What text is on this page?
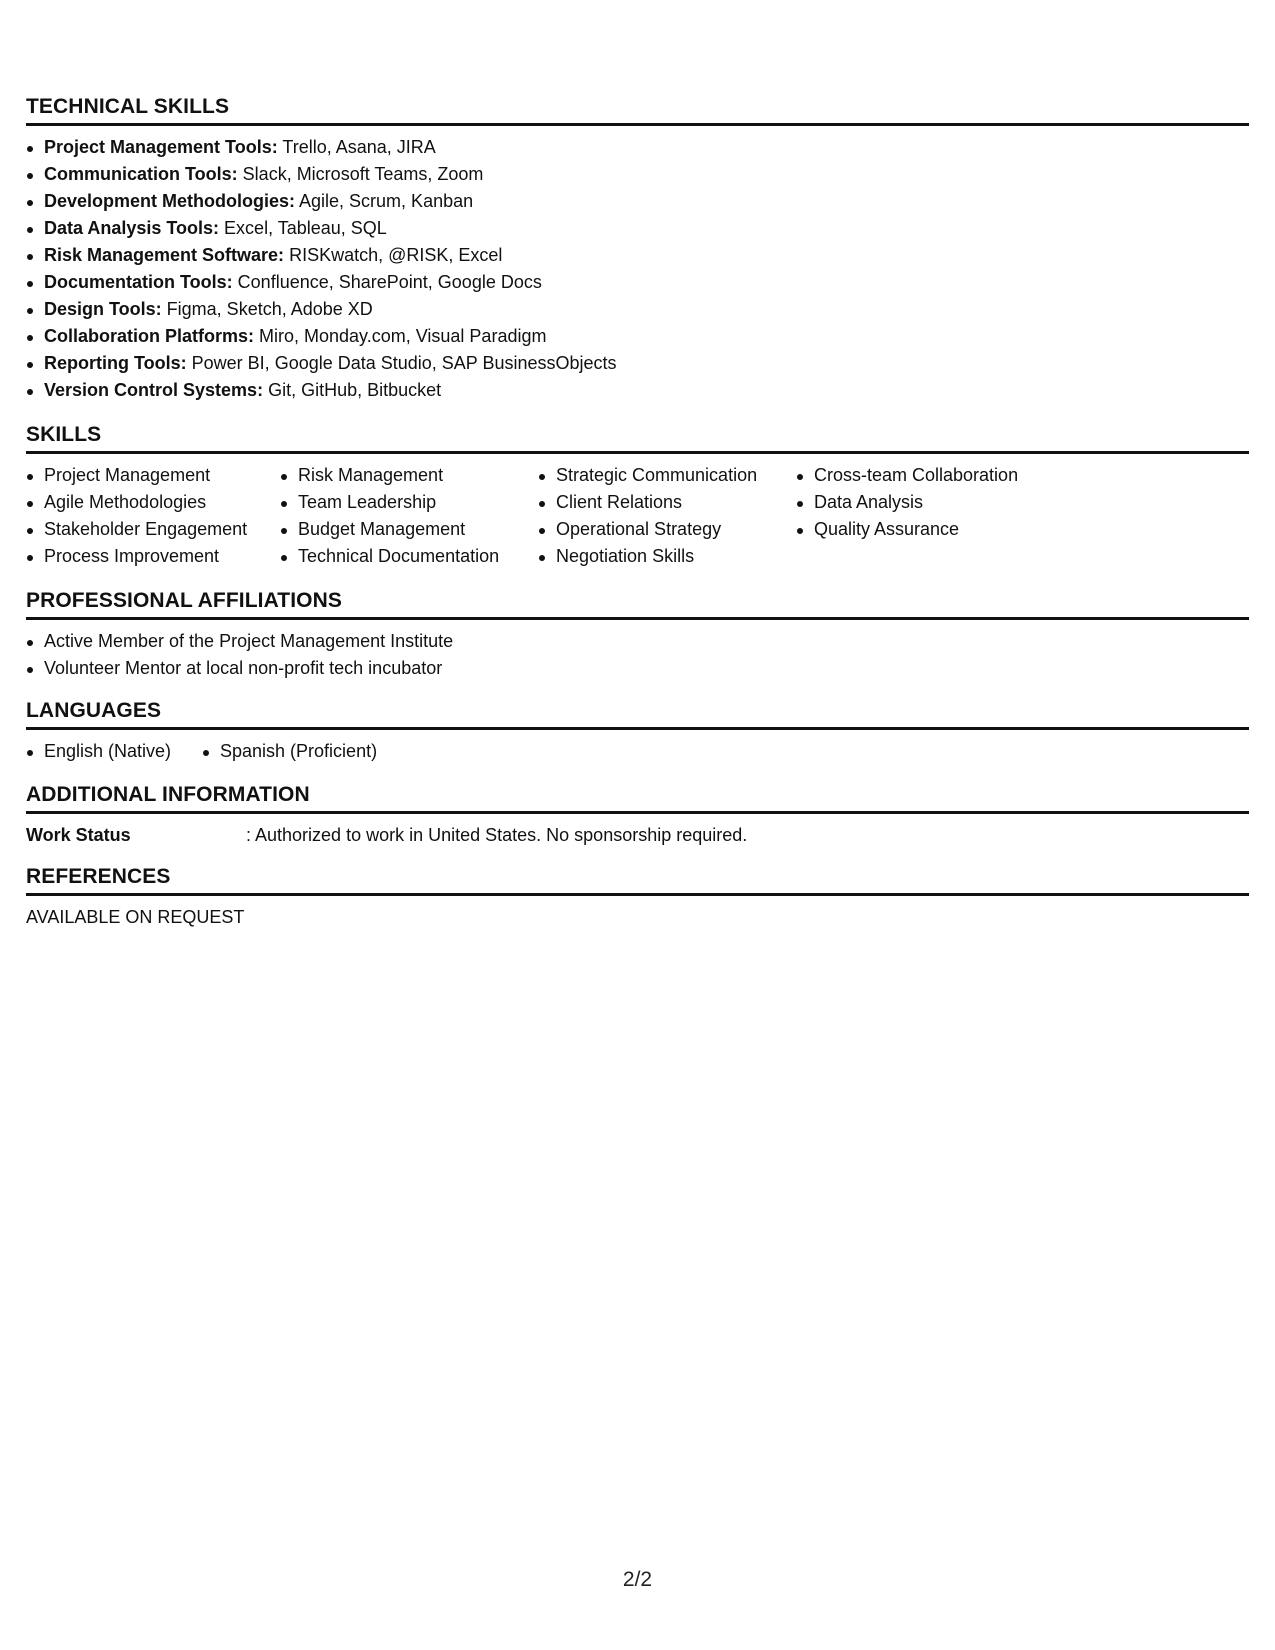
TECHNICAL SKILLS
Project Management Tools: Trello, Asana, JIRA
Communication Tools: Slack, Microsoft Teams, Zoom
Development Methodologies: Agile, Scrum, Kanban
Data Analysis Tools: Excel, Tableau, SQL
Risk Management Software: RISKwatch, @RISK, Excel
Documentation Tools: Confluence, SharePoint, Google Docs
Design Tools: Figma, Sketch, Adobe XD
Collaboration Platforms: Miro, Monday.com, Visual Paradigm
Reporting Tools: Power BI, Google Data Studio, SAP BusinessObjects
Version Control Systems: Git, GitHub, Bitbucket
SKILLS
Project Management
Agile Methodologies
Stakeholder Engagement
Process Improvement
Risk Management
Team Leadership
Budget Management
Technical Documentation
Strategic Communication
Client Relations
Operational Strategy
Negotiation Skills
Cross-team Collaboration
Data Analysis
Quality Assurance
PROFESSIONAL AFFILIATIONS
Active Member of the Project Management Institute
Volunteer Mentor at local non-profit tech incubator
LANGUAGES
English (Native)	Spanish (Proficient)
ADDITIONAL INFORMATION
Work Status	: Authorized to work in United States. No sponsorship required.
REFERENCES
AVAILABLE ON REQUEST
2/2
